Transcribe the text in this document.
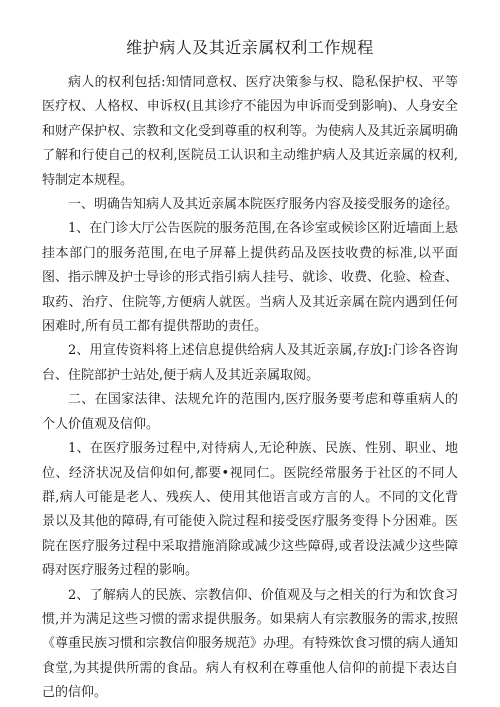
维护病人及其近亲属权利工作规程

病人的权利包括:知情同意权、医疗决策参与权、隐私保护权、平等医疗权、人格权、申诉权(且其诊疗不能因为申诉而受到影响)、人身安全和财产保护权、宗教和文化受到尊重的权利等。为使病人及其近亲属明确了解和行使自己的权利,医院员工认识和主动维护病人及其近亲属的权利,特制定本规程。

一、明确告知病人及其近亲属本院医疗服务内容及接受服务的途径。

1、在门诊大厅公告医院的服务范围,在各诊室或候诊区附近墙面上悬挂本部门的服务范围,在电子屏幕上提供药品及医技收费的标准,以平面图、指示牌及护士导诊的形式指引病人挂号、就诊、收费、化验、检查、取药、治疗、住院等,方便病人就医。当病人及其近亲属在院内遇到任何困难时,所有员工都有提供帮助的责任。

2、用宣传资料将上述信息提供给病人及其近亲属,存放J:门诊各咨询台、住院部护士站处,便于病人及其近亲属取阅。

二、在国家法律、法规允许的范围内,医疗服务要考虑和尊重病人的个人价值观及信仰。

1、在医疗服务过程中,对待病人,无论种族、民族、性别、职业、地位、经济状况及信仰如何,都要•视同仁。医院经常服务于社区的不同人群,病人可能是老人、残疾人、使用其他语言或方言的人。不同的文化背景以及其他的障碍,有可能使入院过程和接受医疗服务变得卜分困难。医院在医疗服务过程中采取措施消除或减少这些障碍,或者设法减少这些障碍对医疗服务过程的影响。

2、了解病人的民族、宗教信仰、价值观及与之相关的行为和饮食习惯,并为满足这些习惯的需求提供服务。如果病人有宗教服务的需求,按照《尊重民族习惯和宗教信仰服务规范》办理。有特殊饮食习惯的病人通知食堂,为其提供所需的食品。病人有权利在尊重他人信仰的前提下表达自己的信仰。
